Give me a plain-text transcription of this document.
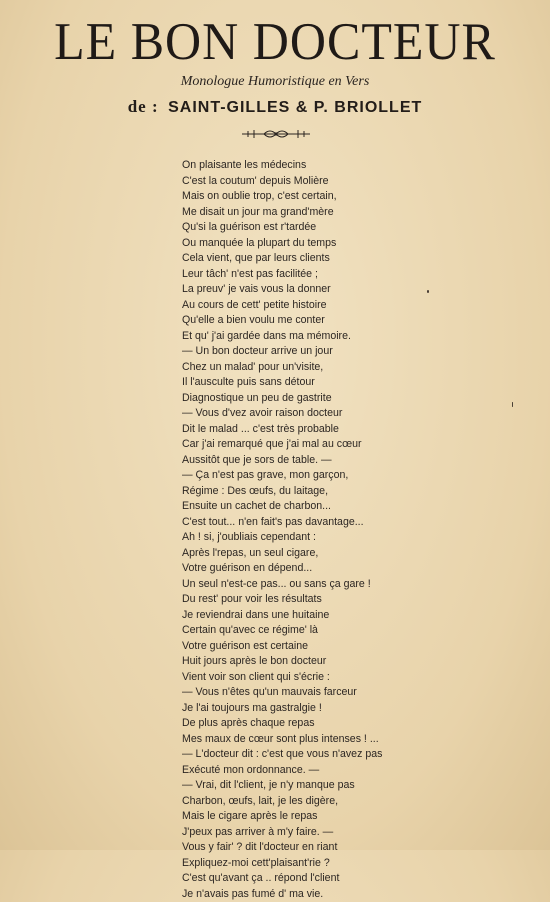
LE BON DOCTEUR
Monologue Humoristique en Vers
de : SAINT-GILLES & P. BRIOLLET
On plaisante les médecins
C'est la coutum' depuis Molière
Mais on oublie trop, c'est certain,
Me disait un jour ma grand'mère
Qu'si la guérison est r'tardée
Ou manquée la plupart du temps
Cela vient, que par leurs clients
Leur tâch' n'est pas facilitée ;
La preuv' je vais vous la donner
Au cours de cett' petite histoire
Qu'elle a bien voulu me conter
Et qu' j'ai gardée dans ma mémoire.
— Un bon docteur arrive un jour
Chez un malad' pour un'visite,
Il l'ausculte puis sans détour
Diagnostique un peu de gastrite
— Vous d'vez avoir raison docteur
Dit le malad ... c'est très probable
Car j'ai remarqué que j'ai mal au cœur
Aussitôt que je sors de table. —
— Ça n'est pas grave, mon garçon,
Régime : Des œufs, du laitage,
Ensuite un cachet de charbon...
C'est tout... n'en fait's pas davantage...
Ah ! si, j'oubliais cependant :
Après l'repas, un seul cigare,
Votre guérison en dépend...
Un seul n'est-ce pas... ou sans ça gare !
Du rest' pour voir les résultats
Je reviendrai dans une huitaine
Certain qu'avec ce régime' là
Votre guérison est certaine
Huit jours après le bon docteur
Vient voir son client qui s'écrie :
— Vous n'êtes qu'un mauvais farceur
Je l'ai toujours ma gastralgie !
De plus après chaque repas
Mes maux de cœur sont plus intenses ! ...
— L'docteur dit : c'est que vous n'avez pas
Exécuté mon ordonnance. —
— Vrai, dit l'client, je n'y manque pas
Charbon, œufs, lait, je les digère,
Mais le cigare après le repas
J'peux pas arriver à m'y faire. —
Vous y fair' ? dit l'docteur en riant
Expliquez-moi cett'plaisant'rie ?
C'est qu'avant ça .. répond l'client
Je n'avais pas fumé d' ma vie.
